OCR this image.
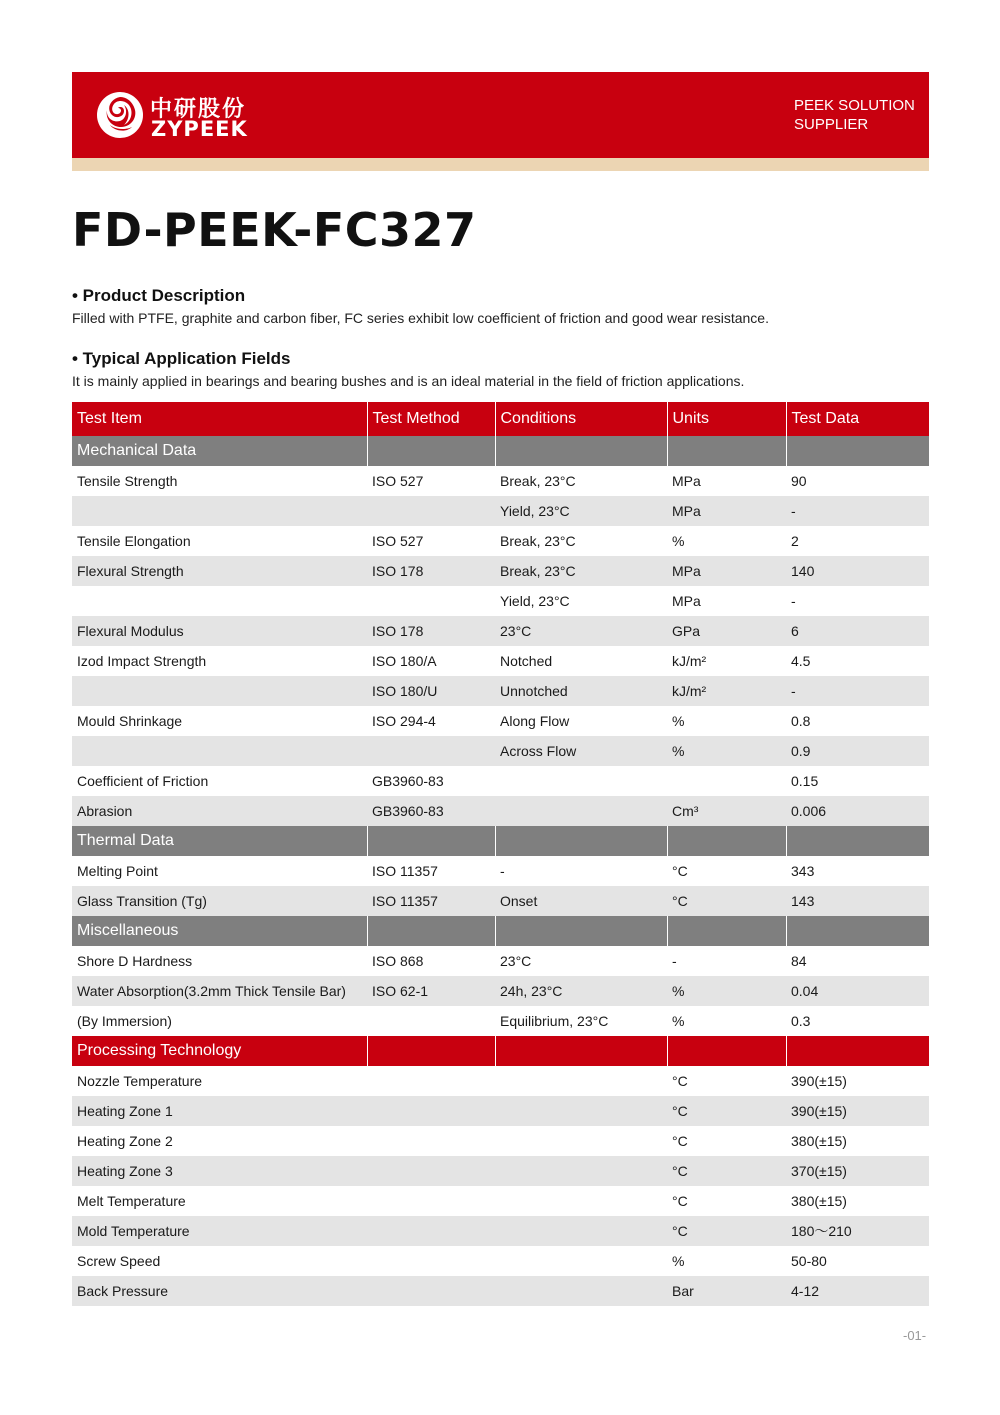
中研股份
ZYPEEK
PEEK SOLUTION
SUPPLIER
FD-PEEK-FC327
• Product Description
Filled with PTFE, graphite and carbon fiber, FC series exhibit low coefficient of friction and good wear resistance.
• Typical Application Fields
It is mainly applied in bearings and bearing bushes and is an ideal material in the field of friction applications.
Test Item	Test Method	Conditions	Units	Test Data
Mechanical Data				
Tensile Strength	ISO 527	Break, 23°C	MPa	90
		Yield, 23°C	MPa	-
Tensile Elongation	ISO 527	Break, 23°C	%	2
Flexural Strength	ISO 178	Break, 23°C	MPa	140
		Yield, 23°C	MPa	-
Flexural Modulus	ISO 178	23°C	GPa	6
Izod Impact Strength	ISO 180/A	Notched	kJ/m²	4.5
	ISO 180/U	Unnotched	kJ/m²	-
Mould Shrinkage	ISO 294-4	Along Flow	%	0.8
		Across Flow	%	0.9
Coefficient of Friction	GB3960-83			0.15
Abrasion	GB3960-83		Cm³	0.006
Thermal Data				
Melting Point	ISO 11357	-	°C	343
Glass Transition (Tg)	ISO 11357	Onset	°C	143
Miscellaneous				
Shore D Hardness	ISO 868	23°C	-	84
Water Absorption(3.2mm Thick Tensile Bar)	ISO 62-1	24h, 23°C	%	0.04
(By Immersion)		Equilibrium, 23°C	%	0.3
Processing Technology				
Nozzle Temperature			°C	390(±15)
Heating Zone 1			°C	390(±15)
Heating Zone 2			°C	380(±15)
Heating Zone 3			°C	370(±15)
Melt Temperature			°C	380(±15)
Mold Temperature			°C	180～210
Screw Speed			%	50-80
Back Pressure			Bar	4-12
-01-
